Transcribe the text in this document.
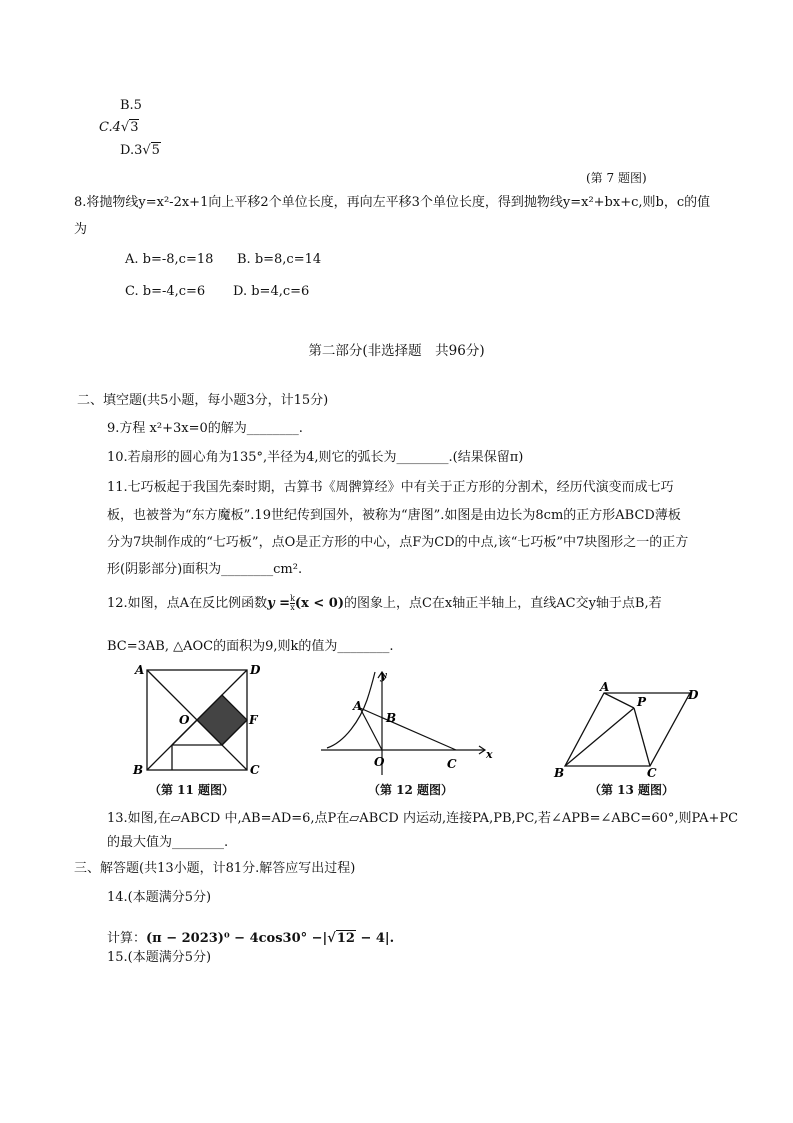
B.5
C.4√3
D.3√5
(第 7 题图)
8.将抛物线y=x²-2x+1向上平移2个单位长度，再向左平移3个单位长度，得到抛物线y=x²+bx+c,则b，c的值
为
A. b=-8,c=18 B. b=8,c=14
C. b=-4,c=6 D. b=4,c=6
第二部分(非选择题　共96分)
二、填空题(共5小题，每小题3分，计15分)
9.方程 x²+3x=0的解为________.
10.若扇形的圆心角为135°,半径为4,则它的弧长为________.(结果保留π)
11.七巧板起于我国先秦时期，古算书《周髀算经》中有关于正方形的分割术，经历代演变而成七巧
板，也被誉为“东方魔板”.19世纪传到国外，被称为“唐图”.如图是由边长为8cm的正方形ABCD薄板
分为7块制作成的“七巧板”，点O是正方形的中心，点F为CD的中点,该“七巧板”中7块图形之一的正方
形(阴影部分)面积为________cm².
12.如图，点A在反比例函数$y = \frac{k}{x} (x < 0)$的图象上，点C在x轴正半轴上，直线AC交y轴于点B,若
BC=3AB, △AOC的面积为9,则k的值为________.
A	D
B	C
O	F
（第 11 题图）
y
x
A
B
O	C
（第 12 题图）
A
D
P
B	C
（第 13 题图）
13.如图,在▱ABCD 中,AB=AD=6,点P在▱ABCD 内运动,连接PA,PB,PC,若∠APB=∠ABC=60°,则PA+PC
的最大值为________.
三、解答题(共13小题，计81分.解答应写出过程)
14.(本题满分5分)
计算：(π − 2023)⁰ − 4cos30° −|√12 − 4|.
15.(本题满分5分)
